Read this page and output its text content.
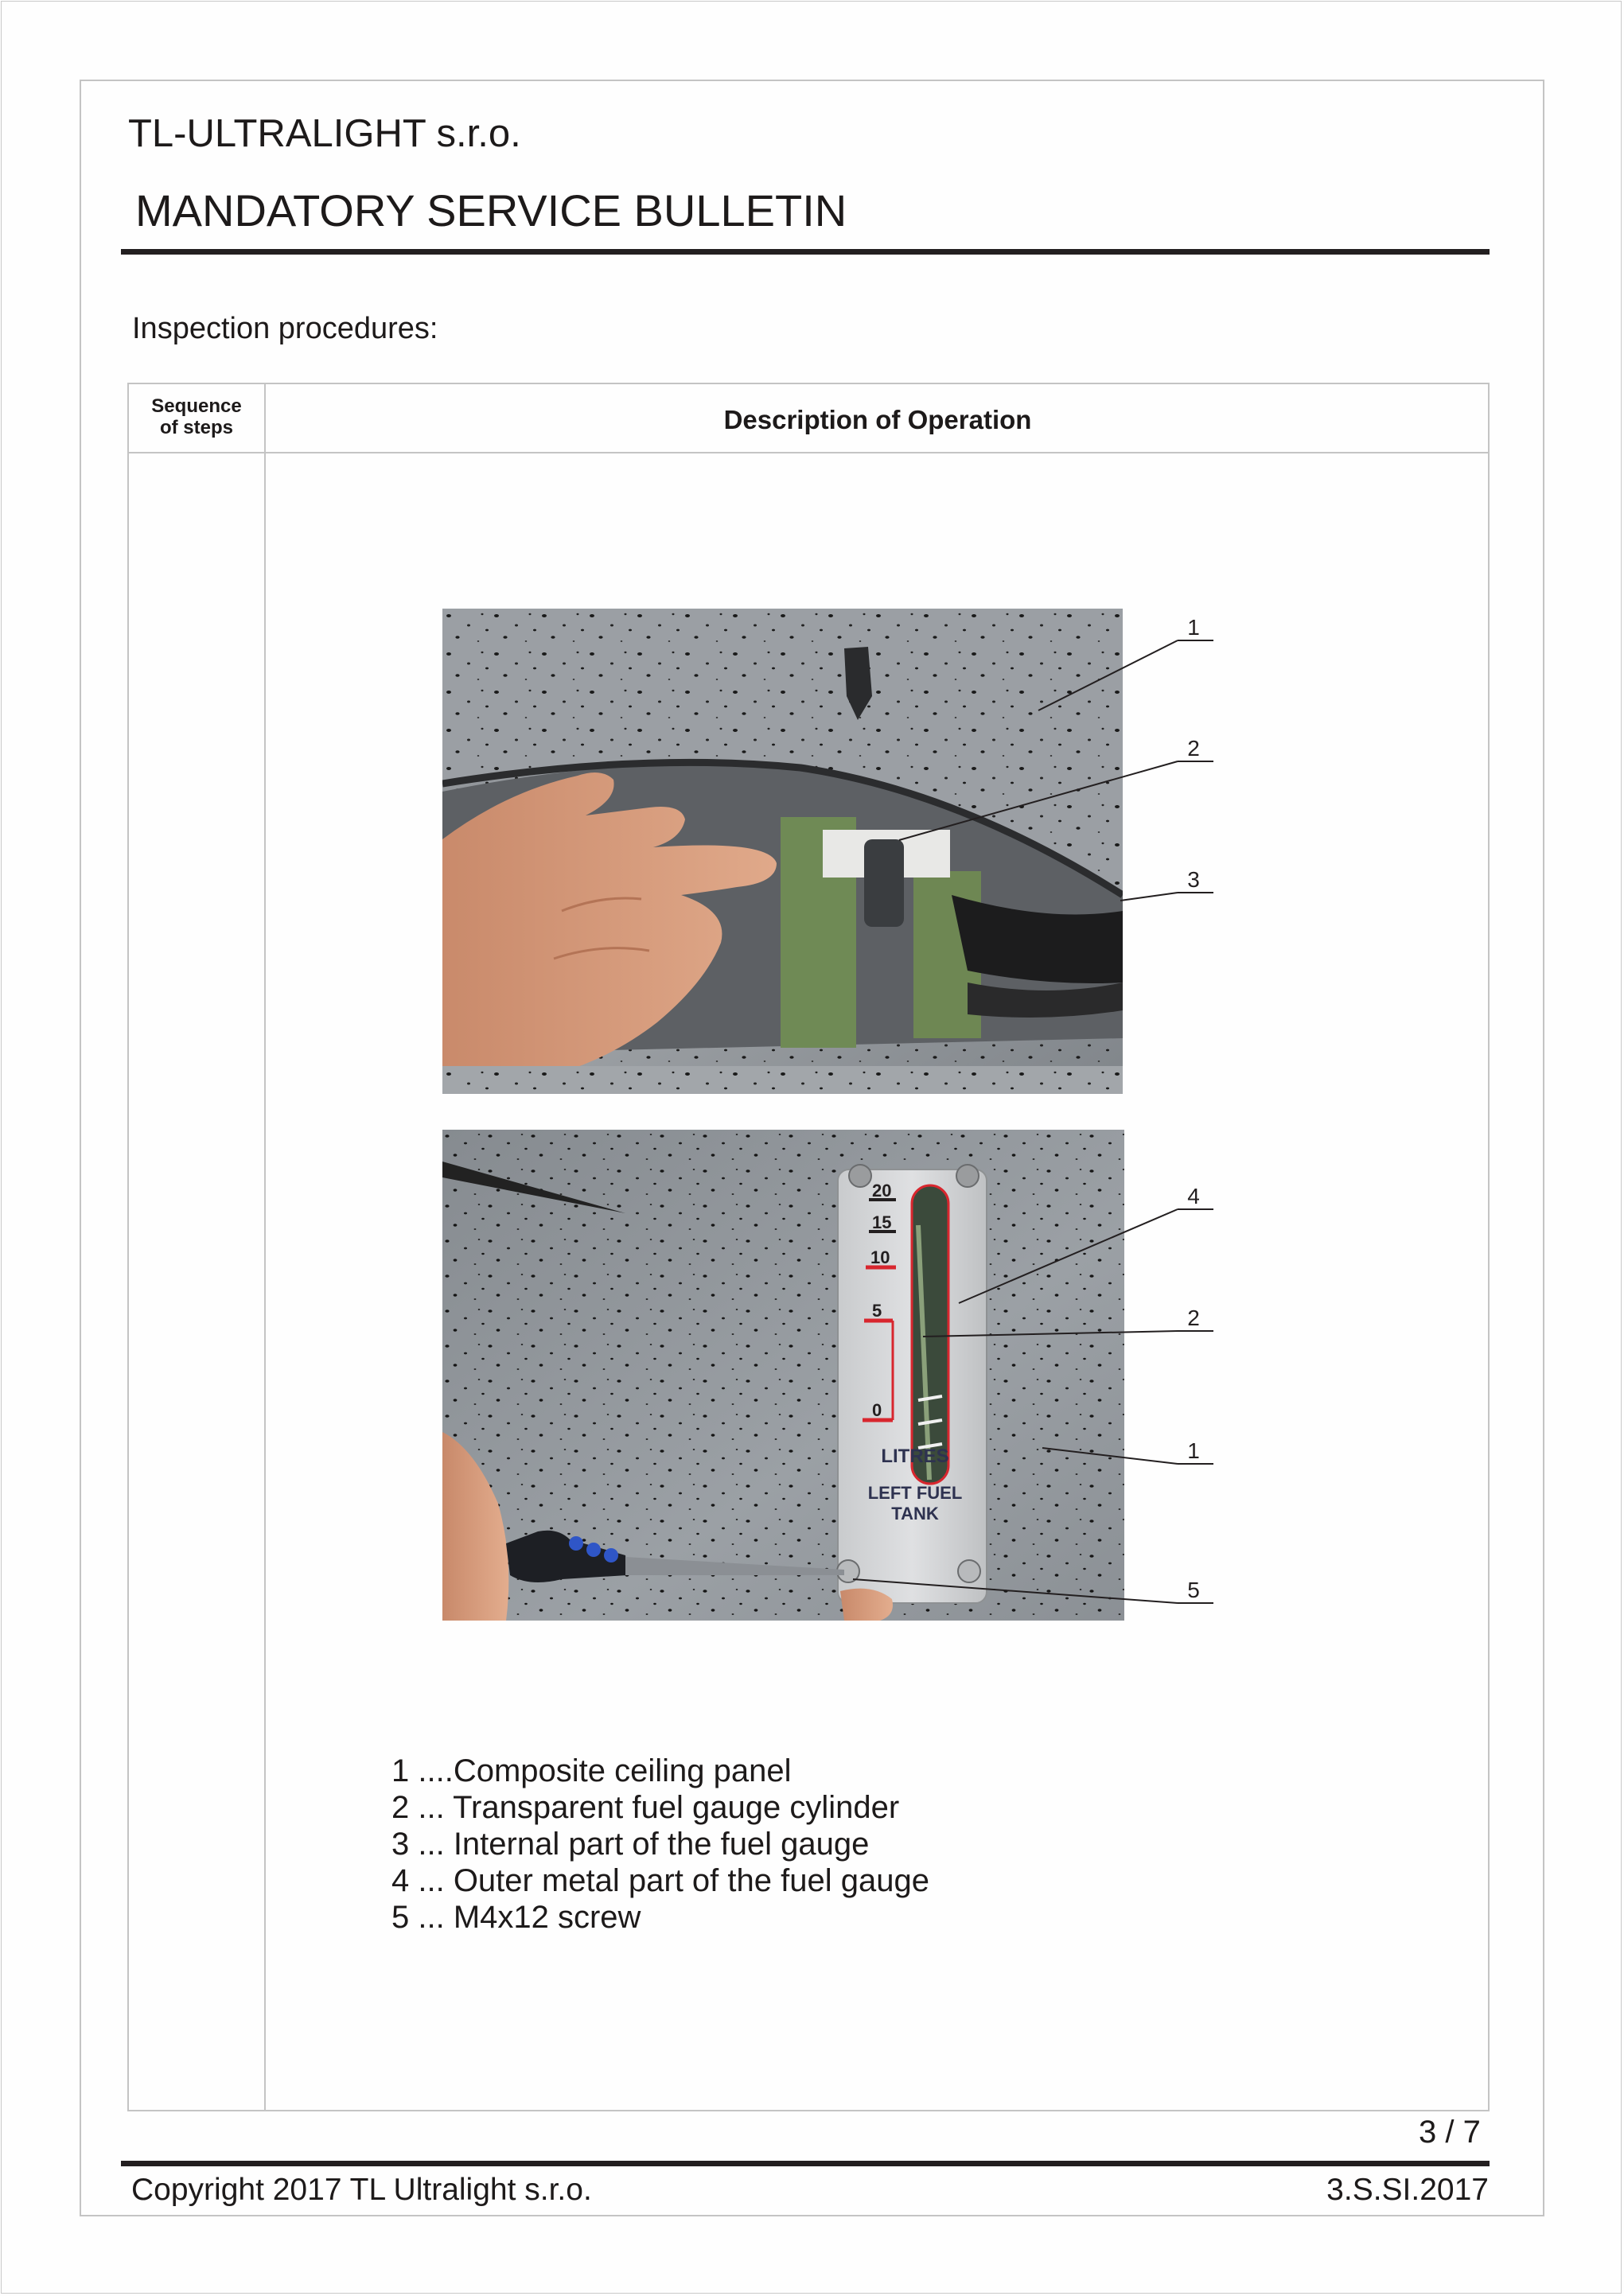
TL-ULTRALIGHT s.r.o.
MANDATORY SERVICE BULLETIN
Inspection procedures:
Sequence
of steps	Description of Operation
20
15
10
5
0
LITRES
LEFT FUEL
TANK
1
2
3
4
2
1
5
1 ....Composite ceiling panel
2 ... Transparent fuel gauge cylinder
3 ... Internal part of the fuel gauge
4 ... Outer metal part of the fuel gauge
5 ... M4x12 screw
3 / 7
Copyright 2017 TL Ultralight s.r.o.	3.S.SI.2017
